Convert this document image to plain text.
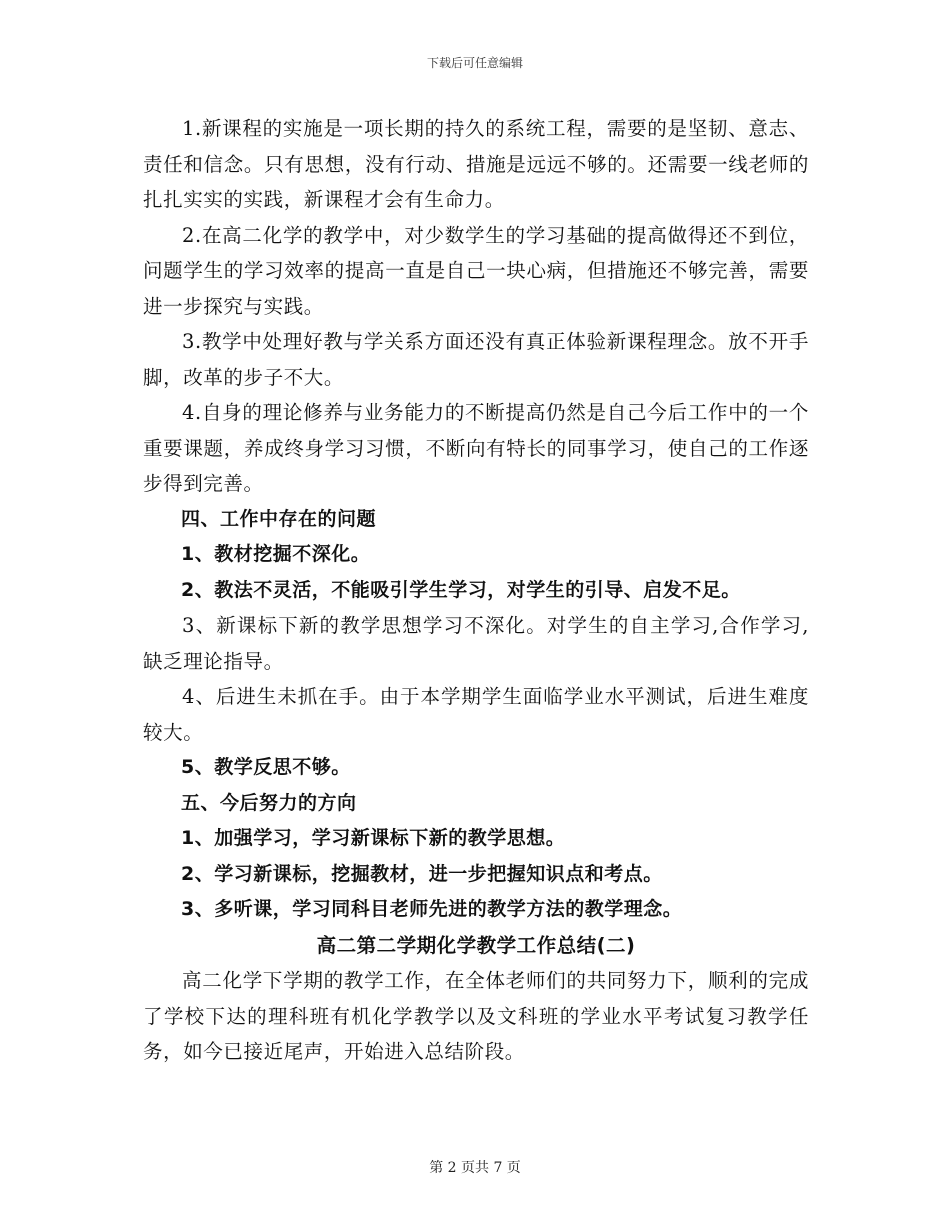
下载后可任意编辑

1.新课程的实施是一项长期的持久的系统工程，需要的是坚韧、意志、责任和信念。只有思想，没有行动、措施是远远不够的。还需要一线老师的扎扎实实的实践，新课程才会有生命力。

2.在高二化学的教学中，对少数学生的学习基础的提高做得还不到位，问题学生的学习效率的提高一直是自己一块心病，但措施还不够完善，需要进一步探究与实践。

3.教学中处理好教与学关系方面还没有真正体验新课程理念。放不开手脚，改革的步子不大。

4.自身的理论修养与业务能力的不断提高仍然是自己今后工作中的一个重要课题，养成终身学习习惯，不断向有特长的同事学习，使自己的工作逐步得到完善。

四、工作中存在的问题

1、教材挖掘不深化。

2、教法不灵活，不能吸引学生学习，对学生的引导、启发不足。

3、新课标下新的教学思想学习不深化。对学生的自主学习,合作学习,缺乏理论指导。

4、后进生未抓在手。由于本学期学生面临学业水平测试，后进生难度较大。

5、教学反思不够。

五、今后努力的方向

1、加强学习，学习新课标下新的教学思想。

2、学习新课标，挖掘教材，进一步把握知识点和考点。

3、多听课，学习同科目老师先进的教学方法的教学理念。

高二第二学期化学教学工作总结(二)

高二化学下学期的教学工作，在全体老师们的共同努力下，顺利的完成了学校下达的理科班有机化学教学以及文科班的学业水平考试复习教学任务，如今已接近尾声，开始进入总结阶段。

第 2 页共 7 页
